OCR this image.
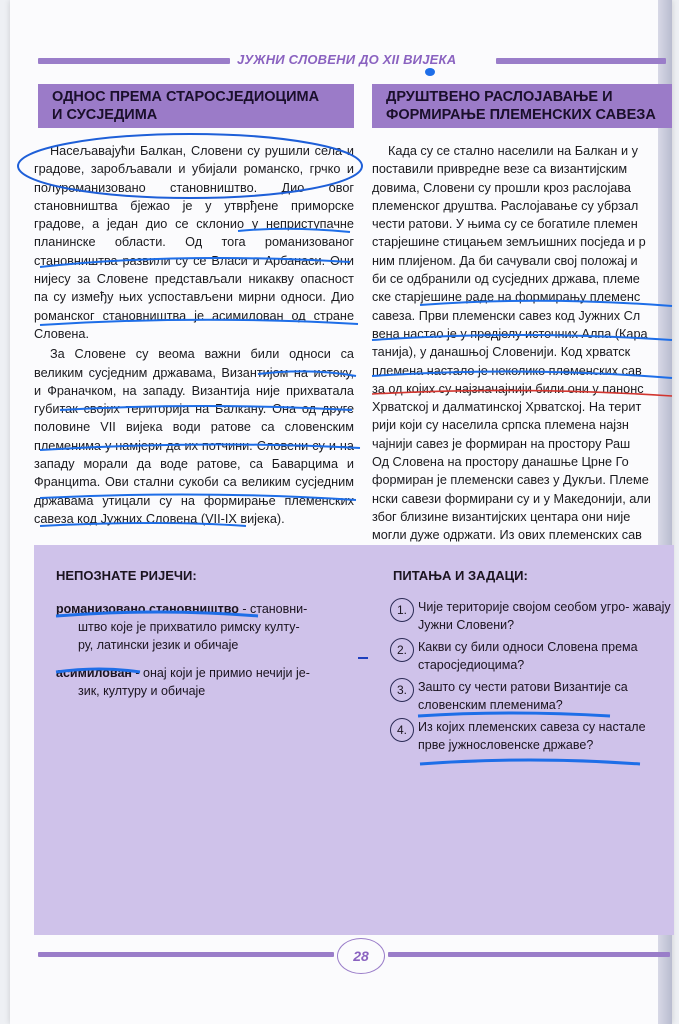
ЈУЖНИ СЛОВЕНИ ДО XII ВИЈЕКА
ОДНОС ПРЕМА СТАРОСЈЕДИОЦИМА
И СУСЈЕДИМА

Насељавајући Балкан, Словени су рушили села и градове, заробљавали и убијали романско, грчко и полуроманизовано становништво. Дио овог становништва бјежао је у утврђене приморске градове, а један дио се склонио у неприступачне планинске области. Од тога романизованог становништва развили су се Власи и Арбанаси. Они нијесу за Словене представљали никакву опасност па су између њих успостављени мирни односи. Дио романског становништва је асимилован од стране Словена.

За Словене су веома важни били односи са великим сусједним државама, Византијом на истоку, и Франачком, на западу. Византија није прихватала губитак својих територија на Балкану. Она од друге половине VII вијека води ратове са словенским племенима у намјери да их потчини. Словени су и на западу морали да воде ратове, са Баварцима и Франциma. Ови стални сукоби са великим сусједним државама утицали су на формирање племенских савеза код Јужних Словена (VII-IX вијека).

ДРУШТВЕНО РАСЛОЈАВАЊЕ И
ФОРМИРАЊЕ ПЛЕМЕНСКИХ САВЕЗА
Када су се стално населили на Балкан и у
поставили привредне везе са византијским
довима, Словени су прошли кроз раслојава
племенског друштва. Раслојавање су убрзал
чести ратови. У њима су се богатиле племен
старјешине стицањем земљишних посједа и р
ним плијеном. Да би сачували свој положај и
би се одбранили од сусједних држава, племе
ске старјешине раде на формирању племенс
савеза. Први племенски савез код Јужних Сл
вена настао је у предјелу источних Алпа (Кара
танија), у данашњој Словенији. Код хрватск
племена настало је неколико племенских сав
за од којих су најзначајнији били они у панонс
Хрватској и далматинској Хрватској. На терит
рији који су населила српска племена најзн
чајнији савез је формиран на простору Раш
Од Словена на простору данашње Црне Го
формиран је племенски савез у Дукљи. Племе
нски савези формирани су и у Македонији, али
због близине византијских центара они није
могли дуже одржати. Из ових племенских сав
НЕПОЗНАТЕ РИЈЕЧИ:	ПИТАЊА И ЗАДАЦИ:
романизовано становништво - становни-
штво које је прихватило римску култу-
ру, латински језик и обичаје
асимилован - онај који је примио нечији је-
зик, културу и обичаје
1. Чије територије својом сеобом угро- жавају Јужни Словени?
2. Какви су били односи Словена према старосједиоцима?
3. Зашто су чести ратови Византије са словенским племенима?
4. Из којих племенских савеза су настале прве јужнословенске државе?
28
